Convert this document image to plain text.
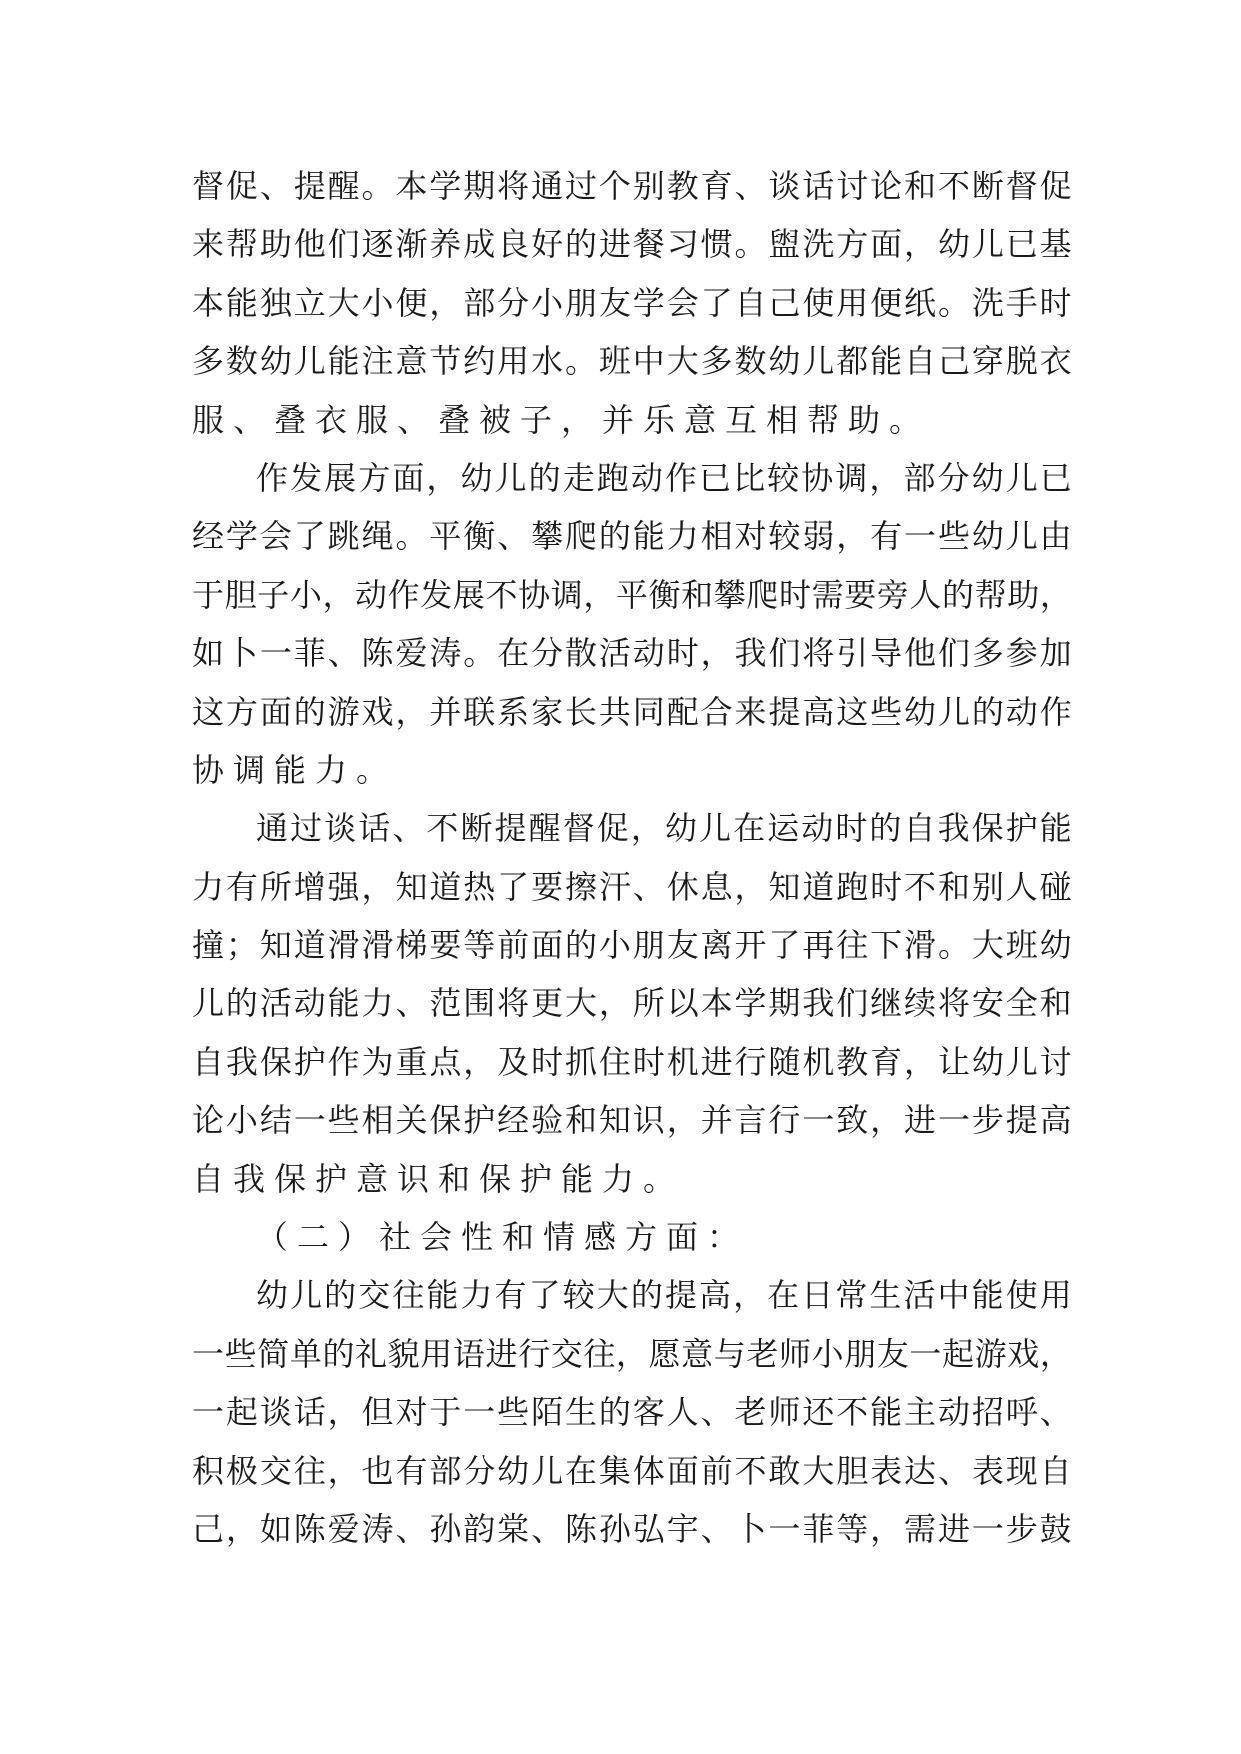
督 促 、 提 醒 。 本 学 期 将 通 过 个 别 教 育 、 谈 话 讨 论 和 不 断 督 促
来 帮 助 他 们 逐 渐 养 成 良 好 的 进 餐 习 惯 。 盥 洗 方 面 ， 幼 儿 已 基
本 能 独 立 大 小 便 ， 部 分 小 朋 友 学 会 了 自 己 使 用 便 纸 。 洗 手 时
多 数 幼 儿 能 注 意 节 约 用 水 。 班 中 大 多 数 幼 儿 都 能 自 己 穿 脱 衣
服、叠衣服、叠被子，并乐意互相帮助。
作 发 展 方 面 ， 幼 儿 的 走 跑 动 作 已 比 较 协 调 ， 部 分 幼 儿 已
经 学 会 了 跳 绳 。 平 衡 、 攀 爬 的 能 力 相 对 较 弱 ， 有 一 些 幼 儿 由
于 胆 子 小 ， 动 作 发 展 不 协 调 ， 平 衡 和 攀 爬 时 需 要 旁 人 的 帮 助 ，
如 卜 一 菲 、 陈 爱 涛 。 在 分 散 活 动 时 ， 我 们 将 引 导 他 们 多 参 加
这 方 面 的 游 戏 ， 并 联 系 家 长 共 同 配 合 来 提 高 这 些 幼 儿 的 动 作
协调能力。
通 过 谈 话 、 不 断 提 醒 督 促 ， 幼 儿 在 运 动 时 的 自 我 保 护 能
力 有 所 增 强 ， 知 道 热 了 要 擦 汗 、 休 息 ， 知 道 跑 时 不 和 别 人 碰
撞 ； 知 道 滑 滑 梯 要 等 前 面 的 小 朋 友 离 开 了 再 往 下 滑 。 大 班 幼
儿 的 活 动 能 力 、 范 围 将 更 大 ， 所 以 本 学 期 我 们 继 续 将 安 全 和
自 我 保 护 作 为 重 点 ， 及 时 抓 住 时 机 进 行 随 机 教 育 ， 让 幼 儿 讨
论 小 结 一 些 相 关 保 护 经 验 和 知 识 ， 并 言 行 一 致 ， 进 一 步 提 高
自我保护意识和保护能力。
（二）社会性和情感方面：
幼 儿 的 交 往 能 力 有 了 较 大 的 提 高 ， 在 日 常 生 活 中 能 使 用
一 些 简 单 的 礼 貌 用 语 进 行 交 往 ， 愿 意 与 老 师 小 朋 友 一 起 游 戏 ，
一 起 谈 话 ， 但 对 于 一 些 陌 生 的 客 人 、 老 师 还 不 能 主 动 招 呼 、
积 极 交 往 ， 也 有 部 分 幼 儿 在 集 体 面 前 不 敢 大 胆 表 达 、 表 现 自
己 ， 如 陈 爱 涛 、 孙 韵 棠 、 陈 孙 弘 宇 、 卜 一 菲 等 ， 需 进 一 步 鼓
